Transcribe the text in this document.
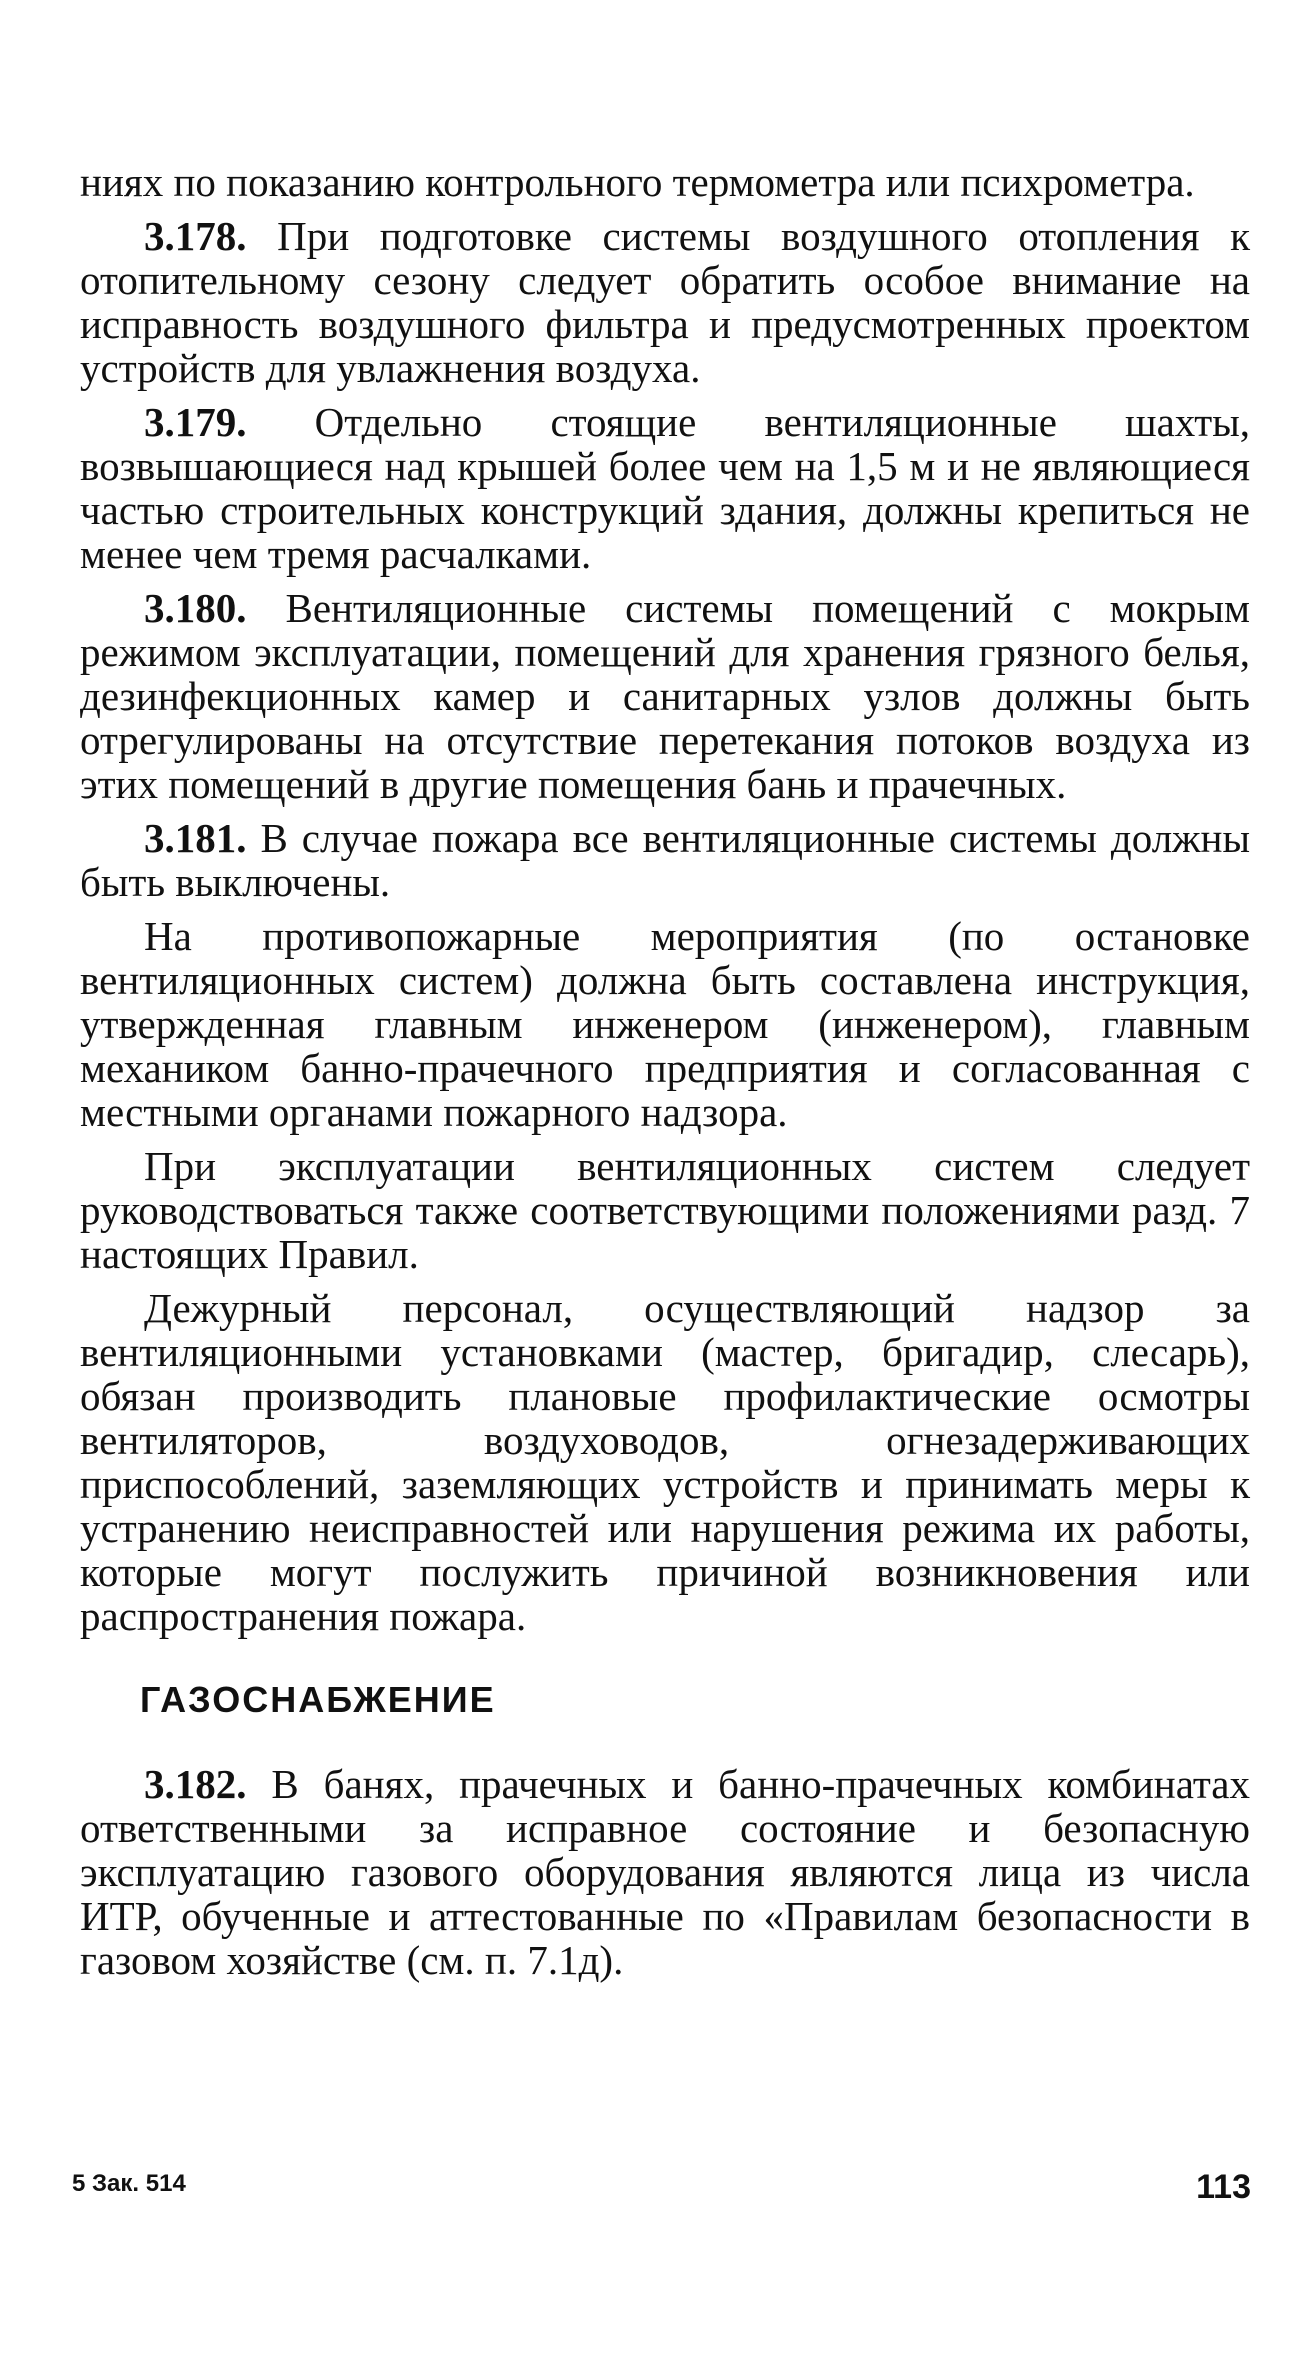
ниях по показанию контрольного термометра или психрометра.

3.178. При подготовке системы воздушного отопления к отопительному сезону следует обратить особое внимание на исправность воздушного фильтра и предусмотренных проектом устройств для увлажнения воздуха.

3.179. Отдельно стоящие вентиляционные шахты, возвышающиеся над крышей более чем на 1,5 м и не являющиеся частью строительных конструкций здания, должны крепиться не менее чем тремя расчалками.

3.180. Вентиляционные системы помещений с мокрым режимом эксплуатации, помещений для хранения грязного белья, дезинфекционных камер и санитарных узлов должны быть отрегулированы на отсутствие перетекания потоков воздуха из этих помещений в другие помещения бань и прачечных.

3.181. В случае пожара все вентиляционные системы должны быть выключены.

На противопожарные мероприятия (по остановке вентиляционных систем) должна быть составлена инструкция, утвержденная главным инженером (инженером), главным механиком банно-прачечного предприятия и согласованная с местными органами пожарного надзора.

При эксплуатации вентиляционных систем следует руководствоваться также соответствующими положениями разд. 7 настоящих Правил.

Дежурный персонал, осуществляющий надзор за вентиляционными установками (мастер, бригадир, слесарь), обязан производить плановые профилактические осмотры вентиляторов, воздуховодов, огнезадерживающих приспособлений, заземляющих устройств и принимать меры к устранению неисправностей или нарушения режима их работы, которые могут послужить причиной возникновения или распространения пожара.

ГАЗОСНАБЖЕНИЕ

3.182. В банях, прачечных и банно-прачечных комбинатах ответственными за исправное состояние и безопасную эксплуатацию газового оборудования являются лица из числа ИТР, обученные и аттестованные по «Правилам безопасности в газовом хозяйстве (см. п. 7.1д).

5 Зак. 514	113
